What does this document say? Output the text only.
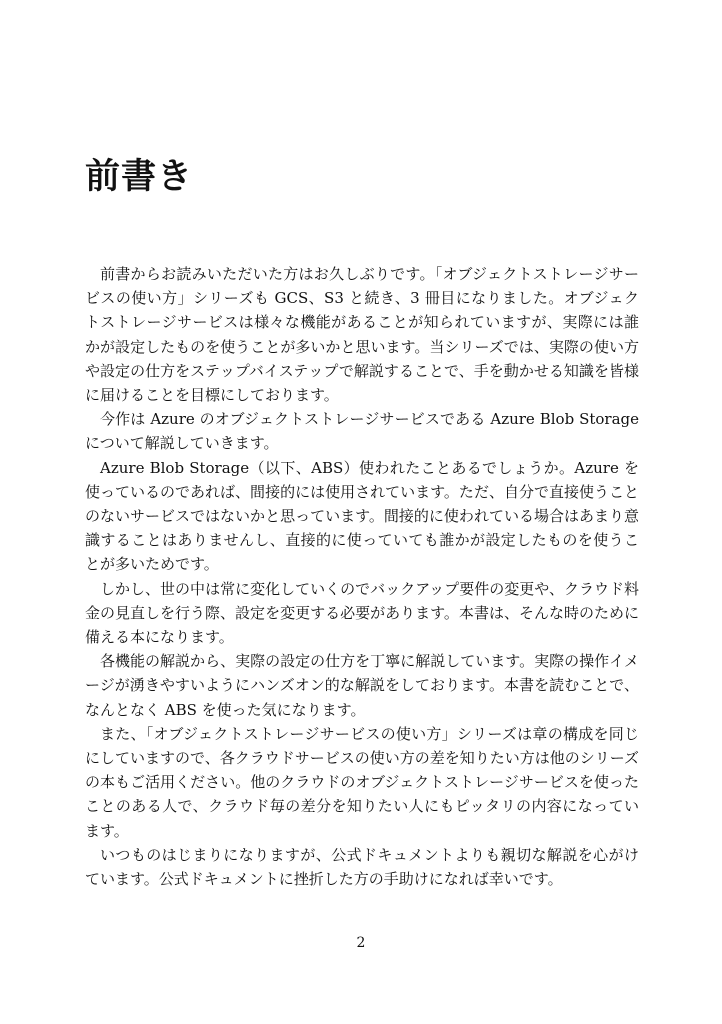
前書き

前書からお読みいただいた方はお久しぶりです。「オブジェクトストレージサービスの使い方」シリーズも GCS、S3 と続き、3 冊目になりました。オブジェクトストレージサービスは様々な機能があることが知られていますが、実際には誰かが設定したものを使うことが多いかと思います。当シリーズでは、実際の使い方や設定の仕方をステップバイステップで解説することで、手を動かせる知識を皆様に届けることを目標にしております。

今作は Azure のオブジェクトストレージサービスである Azure Blob Storage について解説していきます。

Azure Blob Storage（以下、ABS）使われたことあるでしょうか。Azure を使っているのであれば、間接的には使用されています。ただ、自分で直接使うことのないサービスではないかと思っています。間接的に使われている場合はあまり意識することはありませんし、直接的に使っていても誰かが設定したものを使うことが多いためです。

しかし、世の中は常に変化していくのでバックアップ要件の変更や、クラウド料金の見直しを行う際、設定を変更する必要があります。本書は、そんな時のために備える本になります。

各機能の解説から、実際の設定の仕方を丁寧に解説しています。実際の操作イメージが湧きやすいようにハンズオン的な解説をしております。本書を読むことで、なんとなく ABS を使った気になります。

また、「オブジェクトストレージサービスの使い方」シリーズは章の構成を同じにしていますので、各クラウドサービスの使い方の差を知りたい方は他のシリーズの本もご活用ください。他のクラウドのオブジェクトストレージサービスを使ったことのある人で、クラウド毎の差分を知りたい人にもピッタリの内容になっています。

いつものはじまりになりますが、公式ドキュメントよりも親切な解説を心がけています。公式ドキュメントに挫折した方の手助けになれば幸いです。

2
